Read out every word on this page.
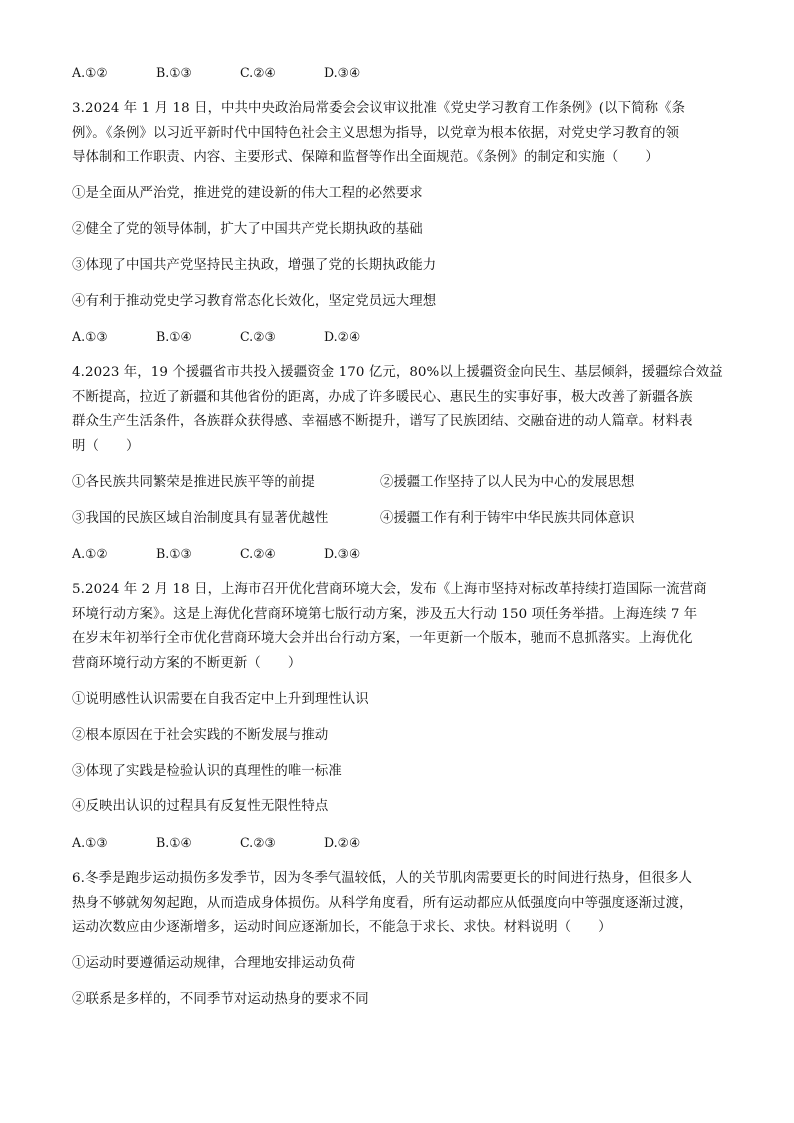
A.①②	B.①③	C.②④	D.③④
3.2024 年 1 月 18 日，中共中央政治局常委会会议审议批准《党史学习教育工作条例》(以下简称《条
例》。《条例》以习近平新时代中国特色社会主义思想为指导，以党章为根本依据，对党史学习教育的领
导体制和工作职责、内容、主要形式、保障和监督等作出全面规范。《条例》的制定和实施（　　）
①是全面从严治党，推进党的建设新的伟大工程的必然要求
②健全了党的领导体制，扩大了中国共产党长期执政的基础
③体现了中国共产党坚持民主执政，增强了党的长期执政能力
④有利于推动党史学习教育常态化长效化，坚定党员远大理想
A.①③	B.①④	C.②③	D.②④
4.2023 年，19 个援疆省市共投入援疆资金 170 亿元，80%以上援疆资金向民生、基层倾斜，援疆综合效益
不断提高，拉近了新疆和其他省份的距离，办成了许多暖民心、惠民生的实事好事，极大改善了新疆各族
群众生产生活条件，各族群众获得感、幸福感不断提升，谱写了民族团结、交融奋进的动人篇章。材料表
明（　　）
①各民族共同繁荣是推进民族平等的前提	②援疆工作坚持了以人民为中心的发展思想
③我国的民族区域自治制度具有显著优越性	④援疆工作有利于铸牢中华民族共同体意识
A.①②	B.①③	C.②④	D.③④
5.2024 年 2 月 18 日，上海市召开优化营商环境大会，发布《上海市坚持对标改革持续打造国际一流营商
环境行动方案》。这是上海优化营商环境第七版行动方案，涉及五大行动 150 项任务举措。上海连续 7 年
在岁末年初举行全市优化营商环境大会并出台行动方案，一年更新一个版本，驰而不息抓落实。上海优化
营商环境行动方案的不断更新（　　）
①说明感性认识需要在自我否定中上升到理性认识
②根本原因在于社会实践的不断发展与推动
③体现了实践是检验认识的真理性的唯一标准
④反映出认识的过程具有反复性无限性特点
A.①③	B.①④	C.②③	D.②④
6.冬季是跑步运动损伤多发季节，因为冬季气温较低，人的关节肌肉需要更长的时间进行热身，但很多人
热身不够就匆匆起跑，从而造成身体损伤。从科学角度看，所有运动都应从低强度向中等强度逐渐过渡，
运动次数应由少逐渐增多，运动时间应逐渐加长，不能急于求长、求快。材料说明（　　）
①运动时要遵循运动规律，合理地安排运动负荷
②联系是多样的，不同季节对运动热身的要求不同
